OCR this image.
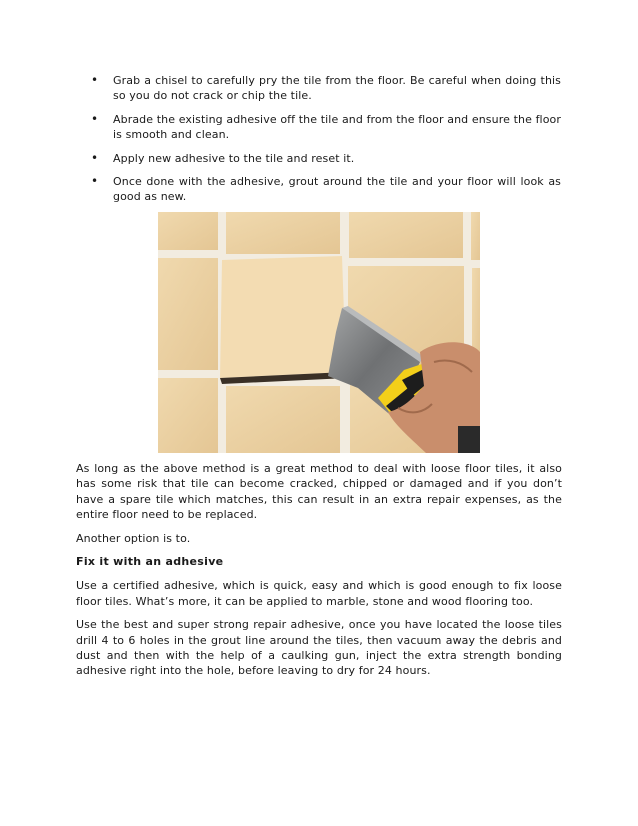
• Grab a chisel to carefully pry the tile from the floor. Be careful when doing this so you do not crack or chip the tile.
• Abrade the existing adhesive off the tile and from the floor and ensure the floor is smooth and clean.
• Apply new adhesive to the tile and reset it.
• Once done with the adhesive, grout around the tile and your floor will look as good as new.

As long as the above method is a great method to deal with loose floor tiles, it also has some risk that tile can become cracked, chipped or damaged and if you don’t have a spare tile which matches, this can result in an extra repair expenses, as the entire floor need to be replaced.

Another option is to.

Fix it with an adhesive

Use a certified adhesive, which is quick, easy and which is good enough to fix loose floor tiles. What’s more, it can be applied to marble, stone and wood flooring too.

Use the best and super strong repair adhesive, once you have located the loose tiles drill 4 to 6 holes in the grout line around the tiles, then vacuum away the debris and dust and then with the help of a caulking gun, inject the extra strength bonding adhesive right into the hole, before leaving to dry for 24 hours.
